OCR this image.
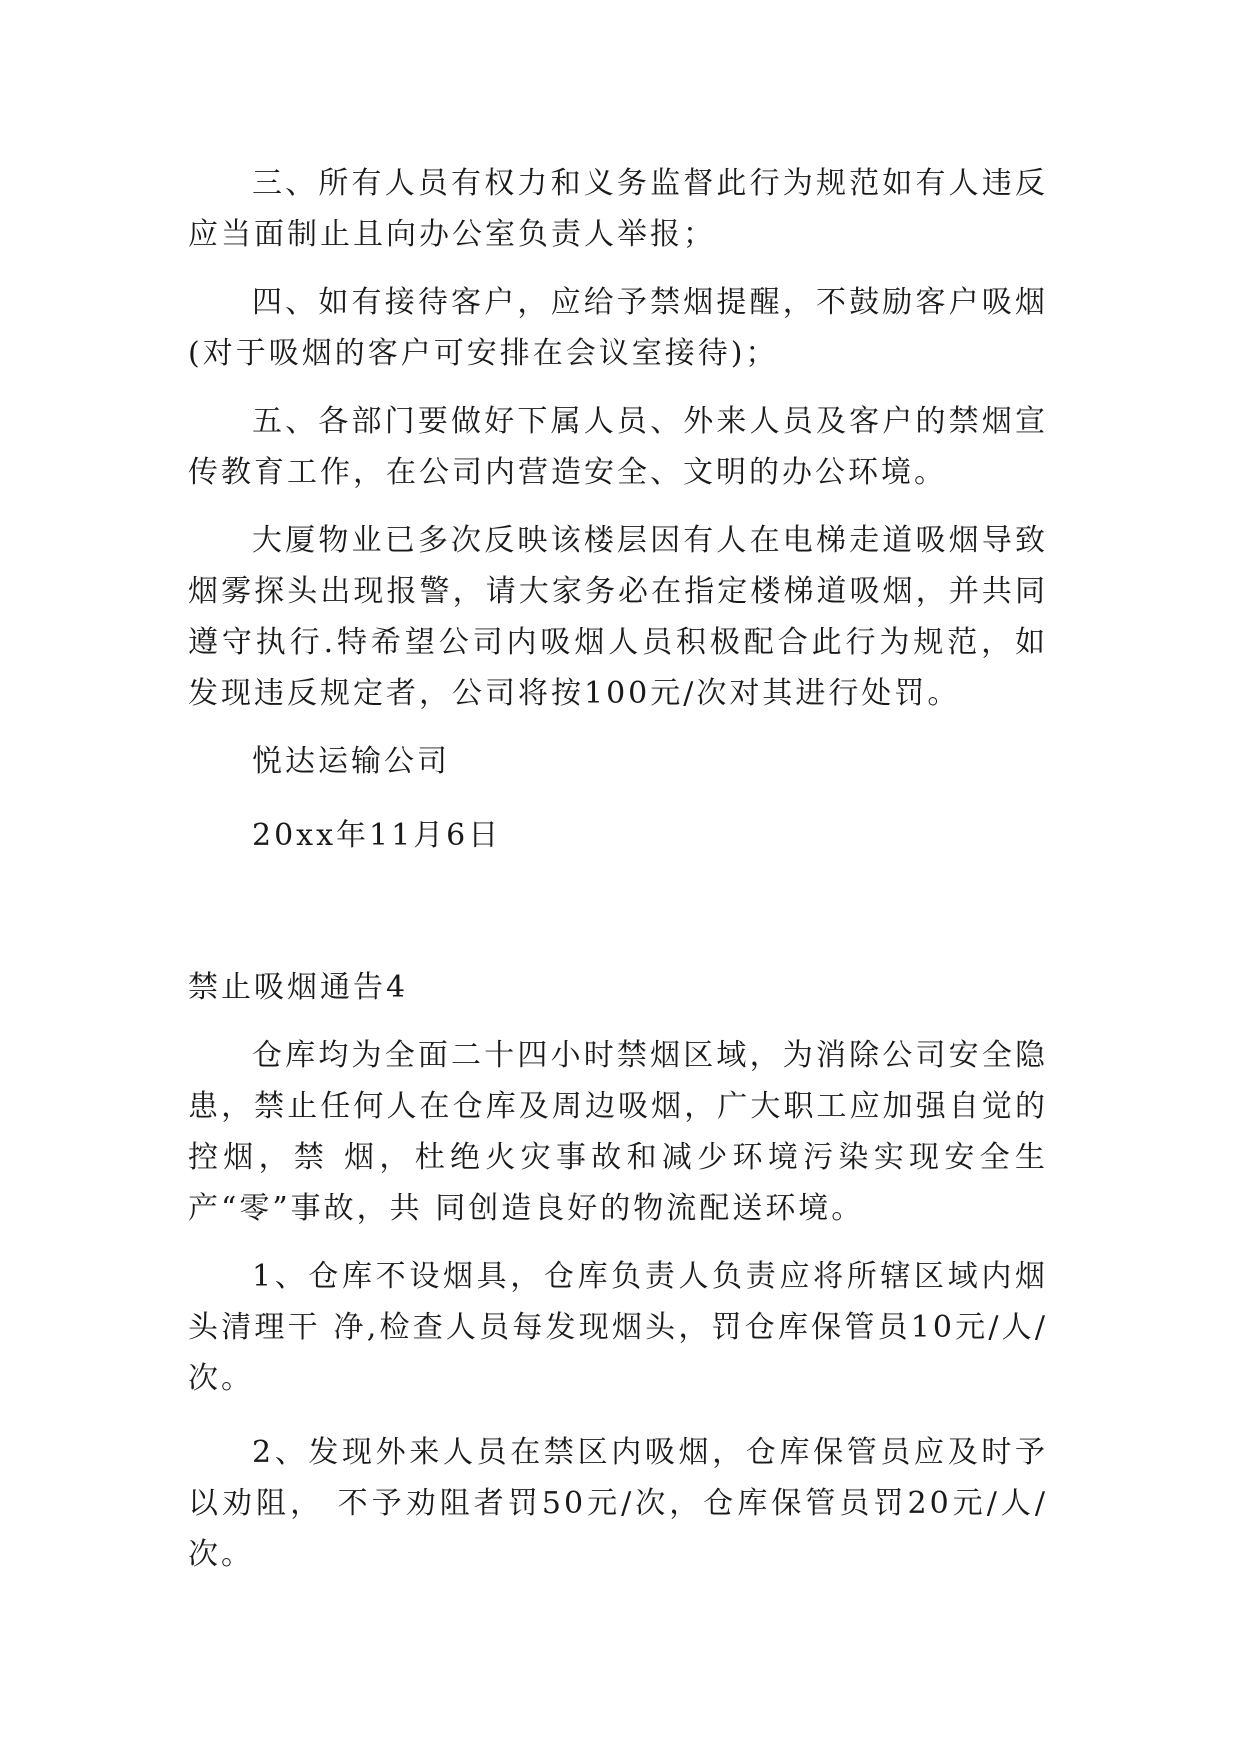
三、所有人员有权力和义务监督此行为规范如有人违反应当面制止且向办公室负责人举报；

四、如有接待客户，应给予禁烟提醒，不鼓励客户吸烟(对于吸烟的客户可安排在会议室接待)；

五、各部门要做好下属人员、外来人员及客户的禁烟宣传教育工作，在公司内营造安全、文明的办公环境。

大厦物业已多次反映该楼层因有人在电梯走道吸烟导致烟雾探头出现报警，请大家务必在指定楼梯道吸烟，并共同遵守执行.特希望公司内吸烟人员积极配合此行为规范，如发现违反规定者，公司将按100元/次对其进行处罚。

悦达运输公司

20xx年11月6日

禁止吸烟通告4

仓库均为全面二十四小时禁烟区域，为消除公司安全隐患，禁止任何人在仓库及周边吸烟，广大职工应加强自觉的控烟，禁 烟，杜绝火灾事故和减少环境污染实现安全生产“零”事故，共 同创造良好的物流配送环境。

1、仓库不设烟具，仓库负责人负责应将所辖区域内烟头清理干 净,检查人员每发现烟头，罚仓库保管员10元/人/次。

2、发现外来人员在禁区内吸烟，仓库保管员应及时予以劝阻， 不予劝阻者罚50元/次，仓库保管员罚20元/人/次。
